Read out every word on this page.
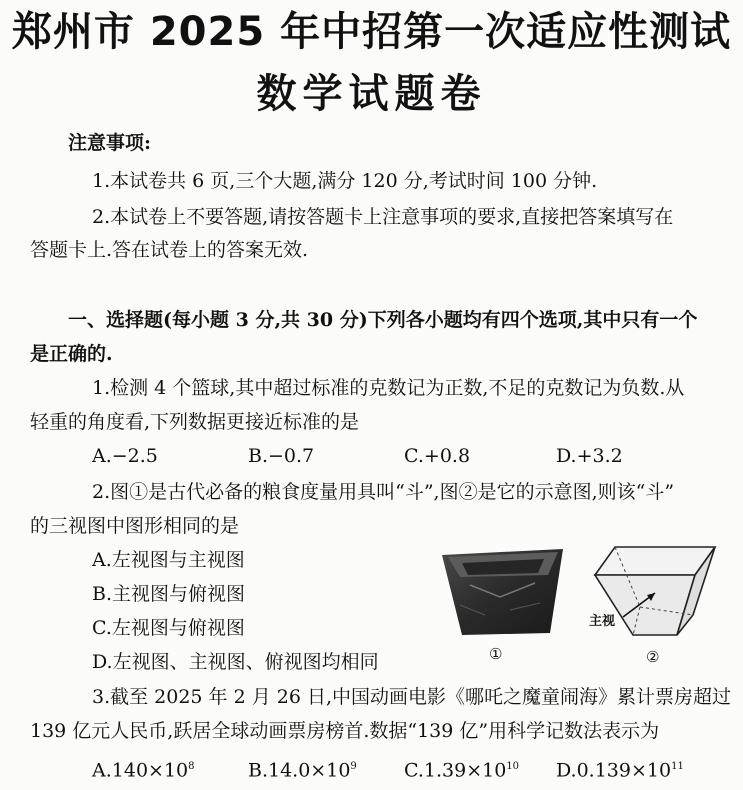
郑州市 2025 年中招第一次适应性测试
数学试题卷
注意事项:
1.本试卷共 6 页,三个大题,满分 120 分,考试时间 100 分钟.
2.本试卷上不要答题,请按答题卡上注意事项的要求,直接把答案填写在
答题卡上.答在试卷上的答案无效.
一、选择题(每小题 3 分,共 30 分)下列各小题均有四个选项,其中只有一个
是正确的.
1.检测 4 个篮球,其中超过标准的克数记为正数,不足的克数记为负数.从
轻重的角度看,下列数据更接近标准的是
A.−2.5	B.−0.7	C.+0.8	D.+3.2
2.图①是古代必备的粮食度量用具叫“斗”,图②是它的示意图,则该“斗”
的三视图中图形相同的是
A.左视图与主视图
B.主视图与俯视图
C.左视图与俯视图
D.左视图、主视图、俯视图均相同	①
主视
②
3.截至 2025 年 2 月 26 日,中国动画电影《哪吒之魔童闹海》累计票房超过
139 亿元人民币,跃居全球动画票房榜首.数据“139 亿”用科学记数法表示为
$A.140\times 10^8$	$B.14.0\times 10^9$ $C.1.39\times 10^{10}$ $D.0.139\times 10^{11}$
